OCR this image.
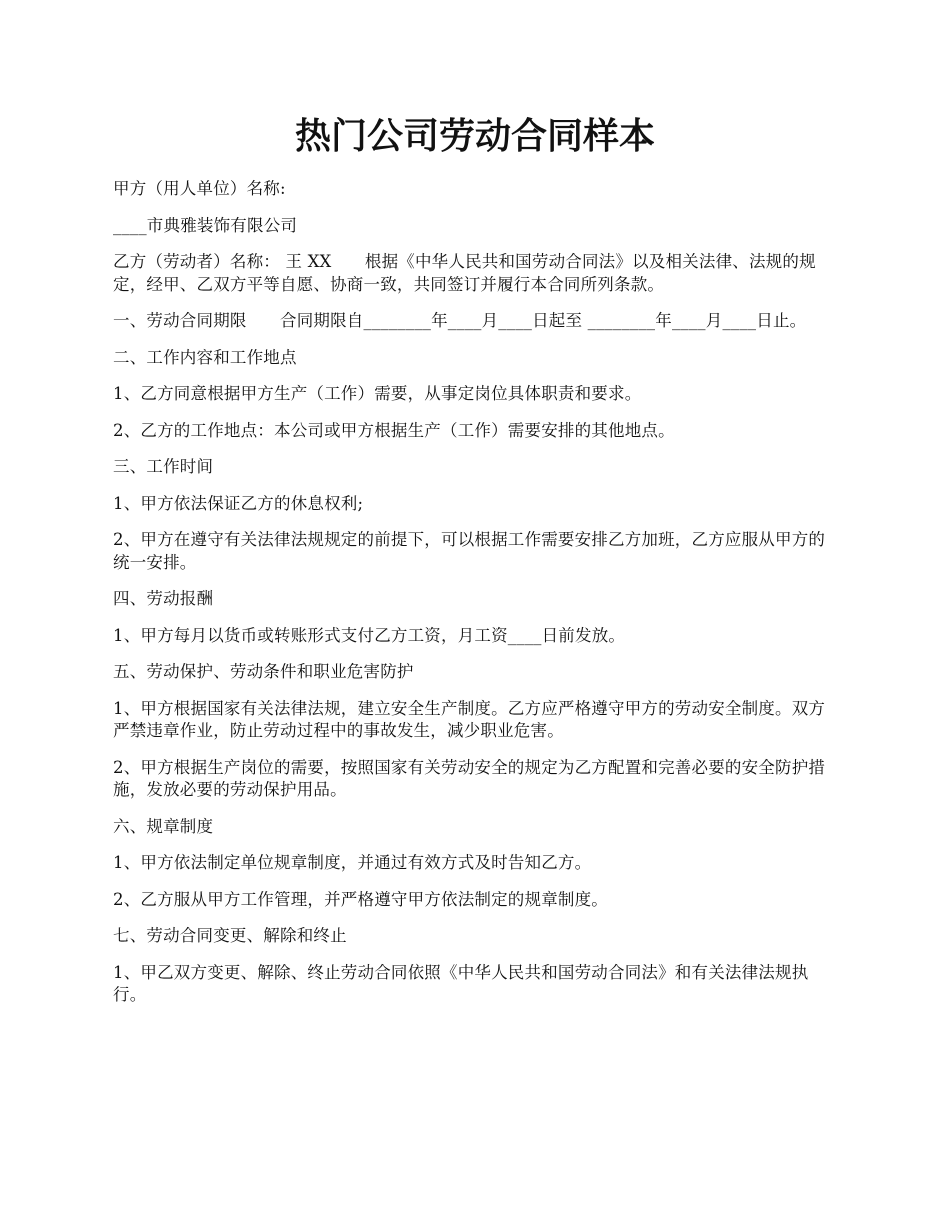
热门公司劳动合同样本

甲方（用人单位）名称:

____市典雅装饰有限公司

乙方（劳动者）名称： 王 XX　　根据《中华人民共和国劳动合同法》以及相关法律、法规的规定，经甲、乙双方平等自愿、协商一致，共同签订并履行本合同所列条款。

一、劳动合同期限　　合同期限自________年____月____日起至 ________年____月____日止。

二、工作内容和工作地点

1、乙方同意根据甲方生产（工作）需要，从事定岗位具体职责和要求。

2、乙方的工作地点：本公司或甲方根据生产（工作）需要安排的其他地点。

三、工作时间

1、甲方依法保证乙方的休息权利;

2、甲方在遵守有关法律法规规定的前提下，可以根据工作需要安排乙方加班，乙方应服从甲方的统一安排。

四、劳动报酬

1、甲方每月以货币或转账形式支付乙方工资，月工资____日前发放。

五、劳动保护、劳动条件和职业危害防护

1、甲方根据国家有关法律法规，建立安全生产制度。乙方应严格遵守甲方的劳动安全制度。双方严禁违章作业，防止劳动过程中的事故发生，减少职业危害。

2、甲方根据生产岗位的需要，按照国家有关劳动安全的规定为乙方配置和完善必要的安全防护措施，发放必要的劳动保护用品。

六、规章制度

1、甲方依法制定单位规章制度，并通过有效方式及时告知乙方。

2、乙方服从甲方工作管理，并严格遵守甲方依法制定的规章制度。

七、劳动合同变更、解除和终止

1、甲乙双方变更、解除、终止劳动合同依照《中华人民共和国劳动合同法》和有关法律法规执行。
